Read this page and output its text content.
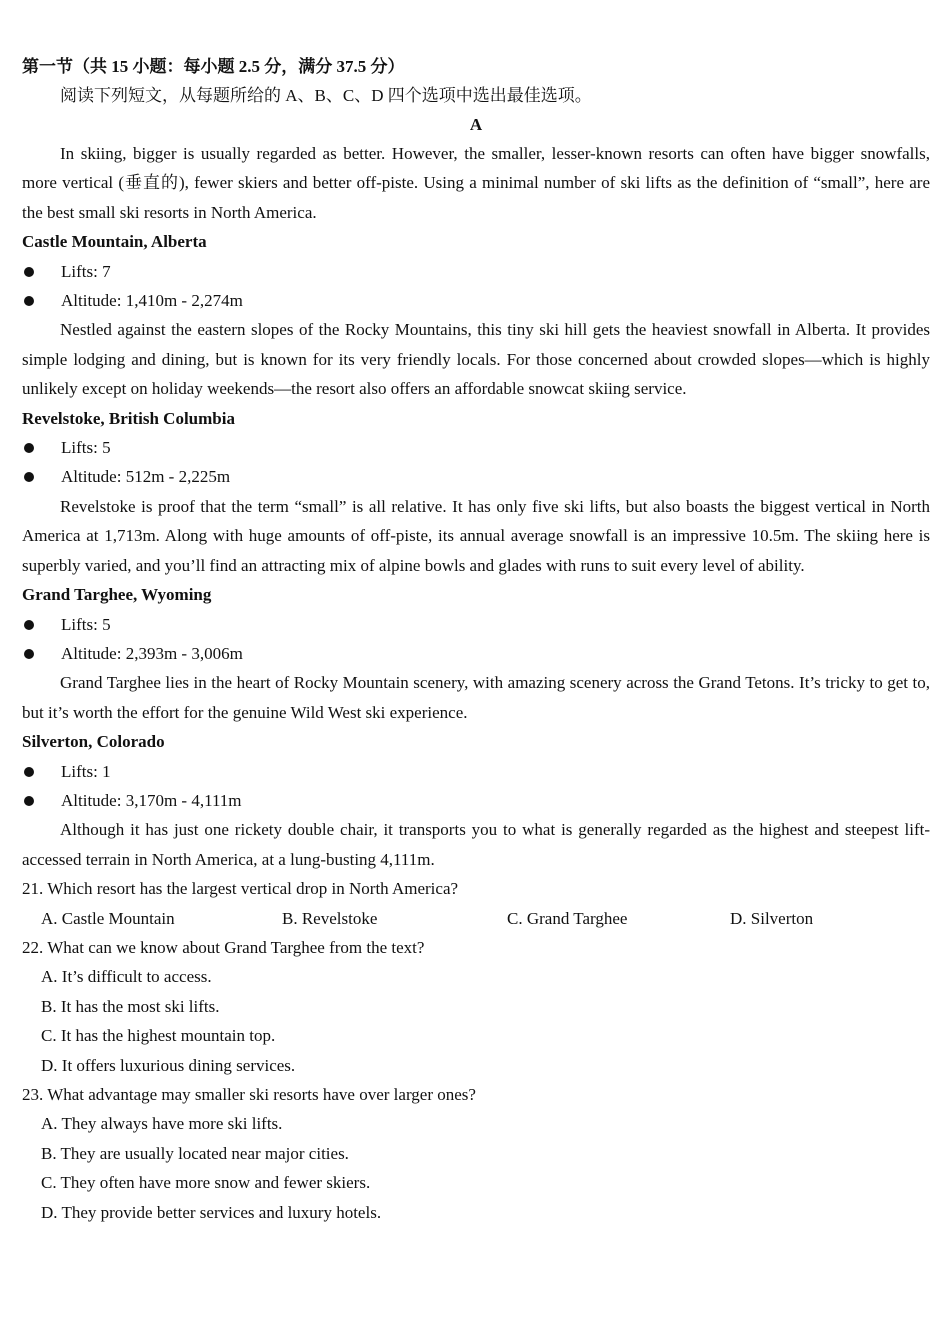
第一节（共 15 小题：每小题 2.5 分，满分 37.5 分）

阅读下列短文，从每题所给的 A、B、C、D 四个选项中选出最佳选项。

A

In skiing, bigger is usually regarded as better. However, the smaller, lesser-known resorts can often have bigger snowfalls, more vertical (垂直的), fewer skiers and better off-piste. Using a minimal number of ski lifts as the definition of “small”, here are the best small ski resorts in North America.

Castle Mountain, Alberta

Lifts: 7
Altitude: 1,410m - 2,274m

Nestled against the eastern slopes of the Rocky Mountains, this tiny ski hill gets the heaviest snowfall in Alberta. It provides simple lodging and dining, but is known for its very friendly locals. For those concerned about crowded slopes—which is highly unlikely except on holiday weekends—the resort also offers an affordable snowcat skiing service.

Revelstoke, British Columbia

Lifts: 5
Altitude: 512m - 2,225m

Revelstoke is proof that the term “small” is all relative. It has only five ski lifts, but also boasts the biggest vertical in North America at 1,713m. Along with huge amounts of off-piste, its annual average snowfall is an impressive 10.5m. The skiing here is superbly varied, and you’ll find an attracting mix of alpine bowls and glades with runs to suit every level of ability.

Grand Targhee, Wyoming

Lifts: 5
Altitude: 2,393m - 3,006m

Grand Targhee lies in the heart of Rocky Mountain scenery, with amazing scenery across the Grand Tetons. It’s tricky to get to, but it’s worth the effort for the genuine Wild West ski experience.

Silverton, Colorado

Lifts: 1
Altitude: 3,170m - 4,111m

Although it has just one rickety double chair, it transports you to what is generally regarded as the highest and steepest lift-accessed terrain in North America, at a lung-busting 4,111m.

21. Which resort has the largest vertical drop in North America?

A. Castle Mountain	B. Revelstoke	C. Grand Targhee	D. Silverton

22. What can we know about Grand Targhee from the text?

A. It’s difficult to access.
B. It has the most ski lifts.
C. It has the highest mountain top.
D. It offers luxurious dining services.

23. What advantage may smaller ski resorts have over larger ones?

A. They always have more ski lifts.
B. They are usually located near major cities.
C. They often have more snow and fewer skiers.
D. They provide better services and luxury hotels.
